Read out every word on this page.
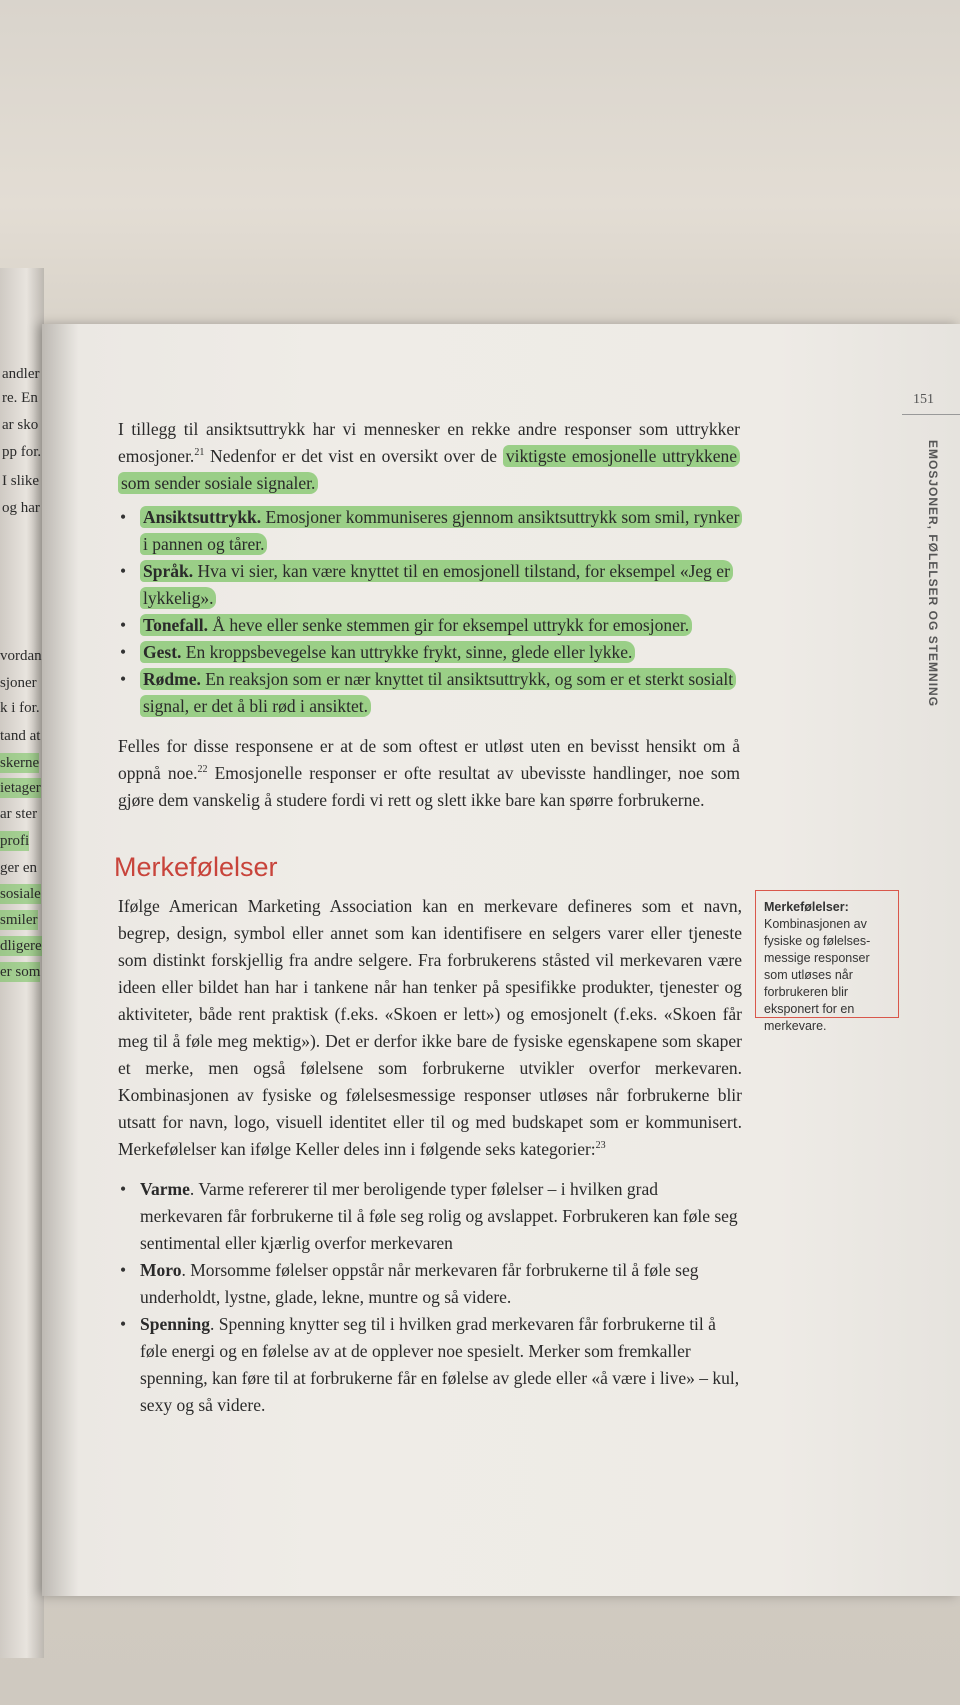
andler
re. En
ar sko
pp for.
I slike
og har
vordan
sjoner
k i for.
tand at
skerne
ietager
ar ster
profi
ger en
sosiale
smiler
dligere
er som
151
EMOSJONER, FØLELSER OG STEMNING

I tillegg til ansiktsuttrykk har vi mennesker en rekke andre responser som uttrykker emosjoner.$^{21}$ Nedenfor er det vist en oversikt over de viktigste emosjonelle uttrykkene som sender sosiale signaler.

• Ansiktsuttrykk. Emosjoner kommuniseres gjennom ansiktsuttrykk som smil, rynker i pannen og tårer.
• Språk. Hva vi sier, kan være knyttet til en emosjonell tilstand, for eksempel «Jeg er lykkelig».
• Tonefall. Å heve eller senke stemmen gir for eksempel uttrykk for emosjoner.
• Gest. En kroppsbevegelse kan uttrykke frykt, sinne, glede eller lykke.
• Rødme. En reaksjon som er nær knyttet til ansiktsuttrykk, og som er et sterkt sosialt signal, er det å bli rød i ansiktet.

Felles for disse responsene er at de som oftest er utløst uten en bevisst hensikt om å oppnå noe.$^{22}$ Emosjonelle responser er ofte resultat av ubevisste handlinger, noe som gjøre dem vanskelig å studere fordi vi rett og slett ikke bare kan spørre forbrukerne.

Merkefølelser

Ifølge American Marketing Association kan en merkevare defineres som et navn, begrep, design, symbol eller annet som kan identifisere en selgers varer eller tjeneste som distinkt forskjellig fra andre selgere. Fra forbrukerens ståsted vil merkevaren være ideen eller bildet han har i tankene når han tenker på spesifikke produkter, tjenester og aktiviteter, både rent praktisk (f.eks. «Skoen er lett») og emosjonelt (f.eks. «Skoen får meg til å føle meg mektig»). Det er derfor ikke bare de fysiske egenskapene som skaper et merke, men også følelsene som forbrukerne utvikler overfor merkevaren. Kombinasjonen av fysiske og følelsesmessige responser utløses når forbrukerne blir utsatt for navn, logo, visuell identitet eller til og med budskapet som er kommunisert. Merkefølelser kan ifølge Keller deles inn i følgende seks kategorier:$^{23}$

• Varme. Varme refererer til mer beroligende typer følelser – i hvilken grad merkevaren får forbrukerne til å føle seg rolig og avslappet. Forbrukeren kan føle seg sentimental eller kjærlig overfor merkevaren
• Moro. Morsomme følelser oppstår når merkevaren får forbrukerne til å føle seg underholdt, lystne, glade, lekne, muntre og så videre.
• Spenning. Spenning knytter seg til i hvilken grad merkevaren får forbrukerne til å føle energi og en følelse av at de opplever noe spesielt. Merker som fremkaller spenning, kan føre til at forbrukerne får en følelse av glede eller «å være i live» – kul, sexy og så videre.
Merkefølelser:
Kombinasjonen av fysiske og følelses-messige responser som utløses når forbrukeren blir eksponert for en merkevare.
